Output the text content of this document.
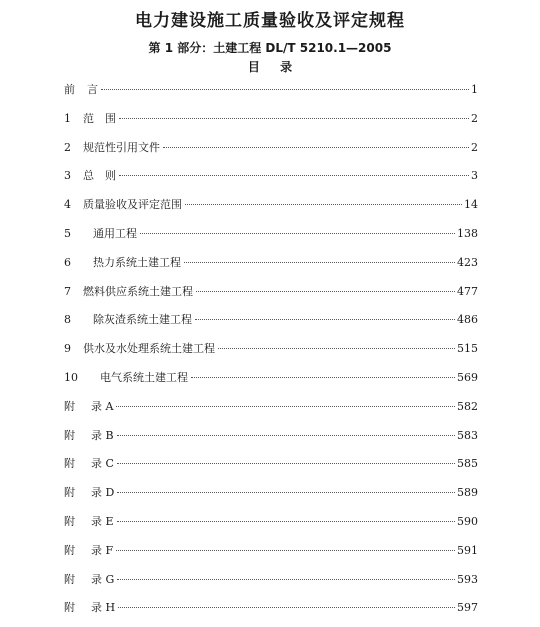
电力建设施工质量验收及评定规程
第 1 部分：土建工程 DL/T 5210.1—2005
目 录
前 言	1
1 范　围	2
2 规范性引用文件	2
3 总　则	3
4 质量验收及评定范围	14
5 通用工程	138
6 热力系统土建工程	423
7 燃料供应系统土建工程	477
8 除灰渣系统土建工程	486
9 供水及水处理系统土建工程	515
10 电气系统土建工程	569
附 录 A	582
附 录 B	583
附 录 C	585
附 录 D	589
附 录 E	590
附 录 F	591
附 录 G	593
附 录 H	597
